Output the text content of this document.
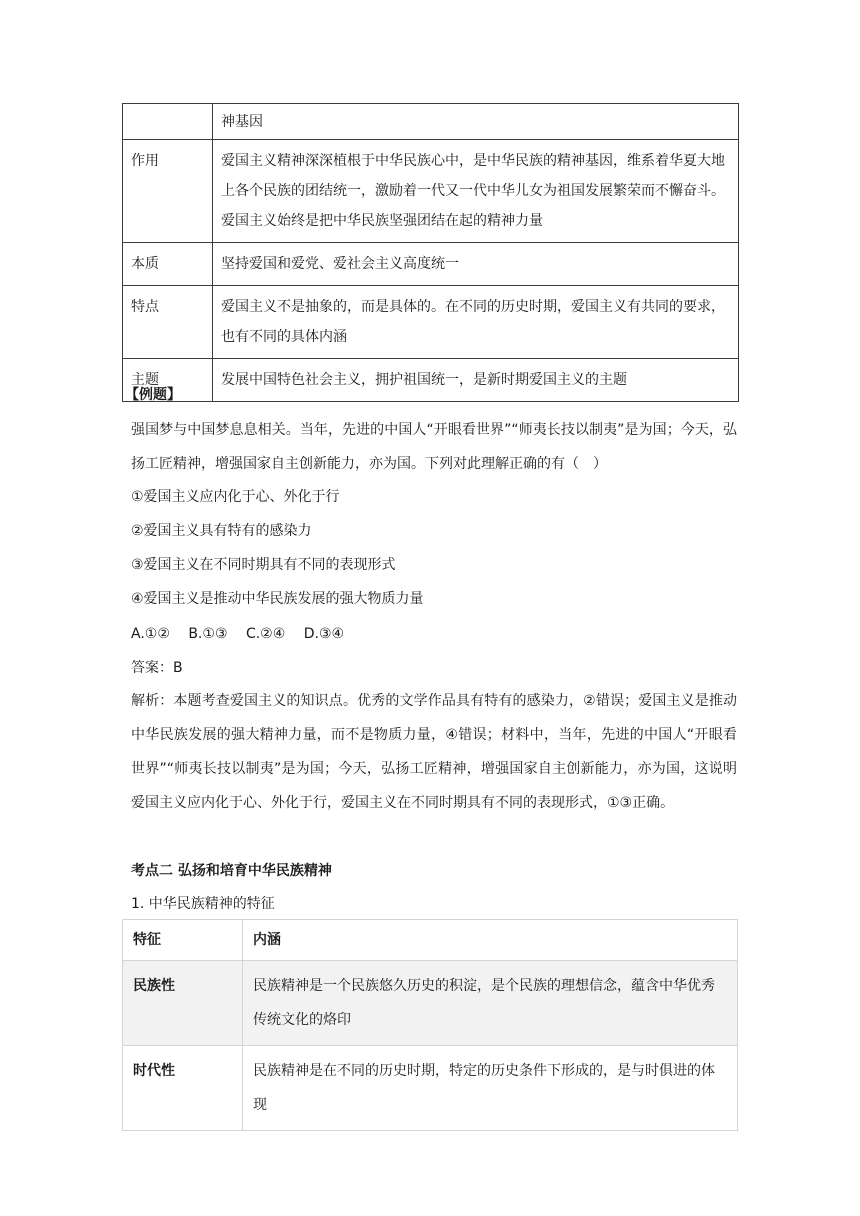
	神基因
作用	爱国主义精神深深植根于中华民族心中，是中华民族的精神基因，维系着华夏大地上各个民族的团结统一，激励着一代又一代中华儿女为祖国发展繁荣而不懈奋斗。爱国主义始终是把中华民族坚强团结在起的精神力量
本质	坚持爱国和爱党、爱社会主义高度统一
特点	爱国主义不是抽象的，而是具体的。在不同的历史时期，爱国主义有共同的要求，也有不同的具体内涵
主题	发展中国特色社会主义，拥护祖国统一，是新时期爱国主义的主题
【例题】
强国梦与中国梦息息相关。当年，先进的中国人“开眼看世界”“师夷长技以制夷”是为国；今天，弘扬工匠精神，增强国家自主创新能力，亦为国。下列对此理解正确的有（　）
①爱国主义应内化于心、外化于行
②爱国主义具有特有的感染力
③爱国主义在不同时期具有不同的表现形式
④爱国主义是推动中华民族发展的强大物质力量
A.①②　 B.①③　 C.②④　 D.③④
答案：B
解析：本题考查爱国主义的知识点。优秀的文学作品具有特有的感染力，②错误；爱国主义是推动中华民族发展的强大精神力量，而不是物质力量，④错误；材料中，当年，先进的中国人“开眼看世界”“师夷长技以制夷”是为国；今天，弘扬工匠精神，增强国家自主创新能力，亦为国，这说明爱国主义应内化于心、外化于行，爱国主义在不同时期具有不同的表现形式，①③正确。
考点二 弘扬和培育中华民族精神
1. 中华民族精神的特征
特征	内涵
民族性	民族精神是一个民族悠久历史的积淀，是个民族的理想信念，蕴含中华优秀传统文化的烙印
时代性	民族精神是在不同的历史时期，特定的历史条件下形成的，是与时俱进的体现
